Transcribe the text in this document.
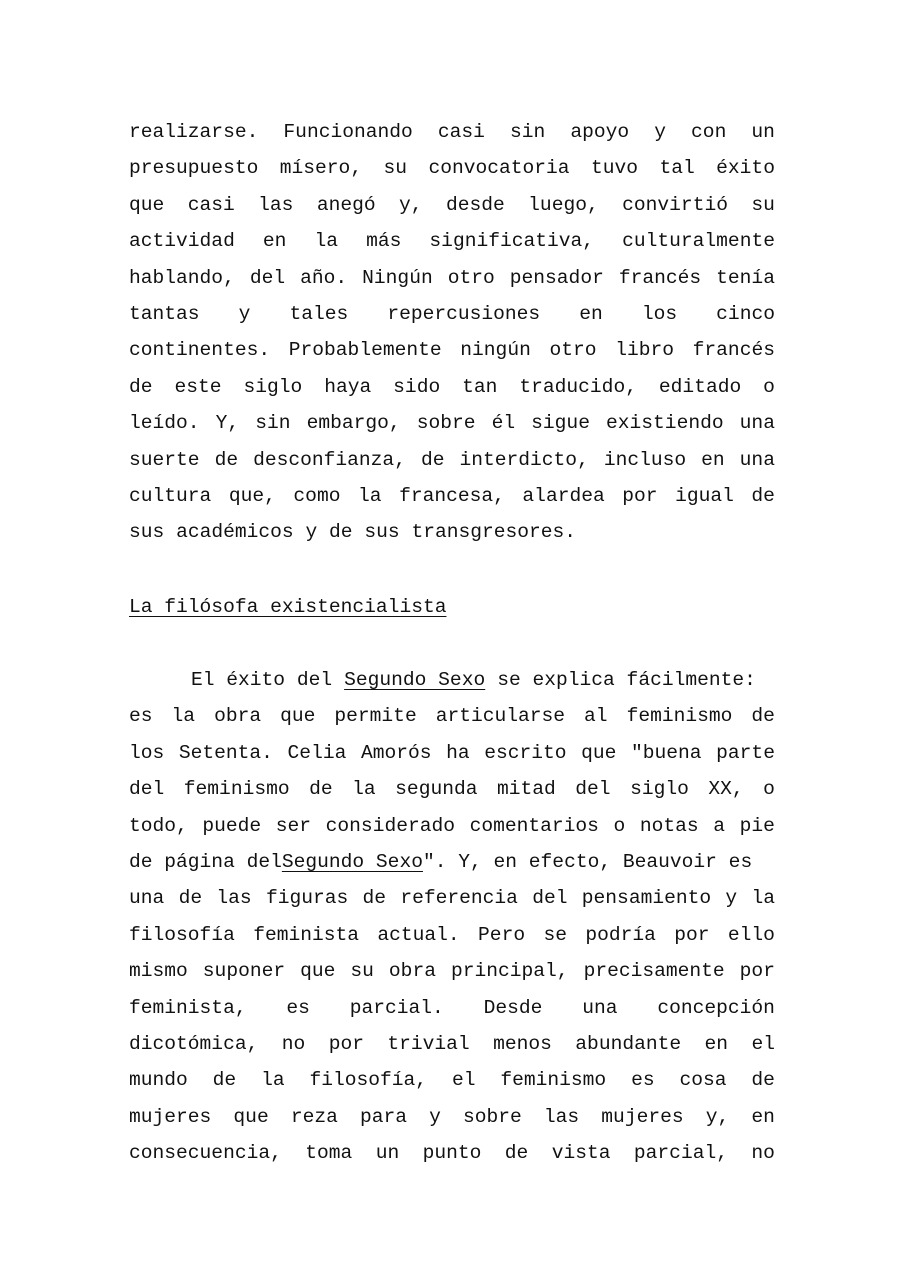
realizarse. Funcionando casi sin apoyo y con un
presupuesto mísero, su convocatoria tuvo tal éxito
que casi las anegó y, desde luego, convirtió su
actividad en la más significativa, culturalmente
hablando, del año. Ningún otro pensador francés tenía
tantas y tales repercusiones en los cinco
continentes. Probablemente ningún otro libro francés
de este siglo haya sido tan traducido, editado o
leído. Y, sin embargo, sobre él sigue existiendo una
suerte de desconfianza, de interdicto, incluso en una
cultura que, como la francesa, alardea por igual de
sus académicos y de sus transgresores.
La filósofa existencialista
El éxito del Segundo Sexo se explica fácilmente:
es la obra que permite articularse al feminismo de
los Setenta. Celia Amorós ha escrito que "buena parte
del feminismo de la segunda mitad del siglo XX, o
todo, puede ser considerado comentarios o notas a pie
de página del Segundo Sexo ". Y, en efecto, Beauvoir es
una de las figuras de referencia del pensamiento y la
filosofía feminista actual. Pero se podría por ello
mismo suponer que su obra principal, precisamente por
feminista, es parcial. Desde una concepción
dicotómica, no por trivial menos abundante en el
mundo de la filosofía, el feminismo es cosa de
mujeres que reza para y sobre las mujeres y, en
consecuencia, toma un punto de vista parcial, no
